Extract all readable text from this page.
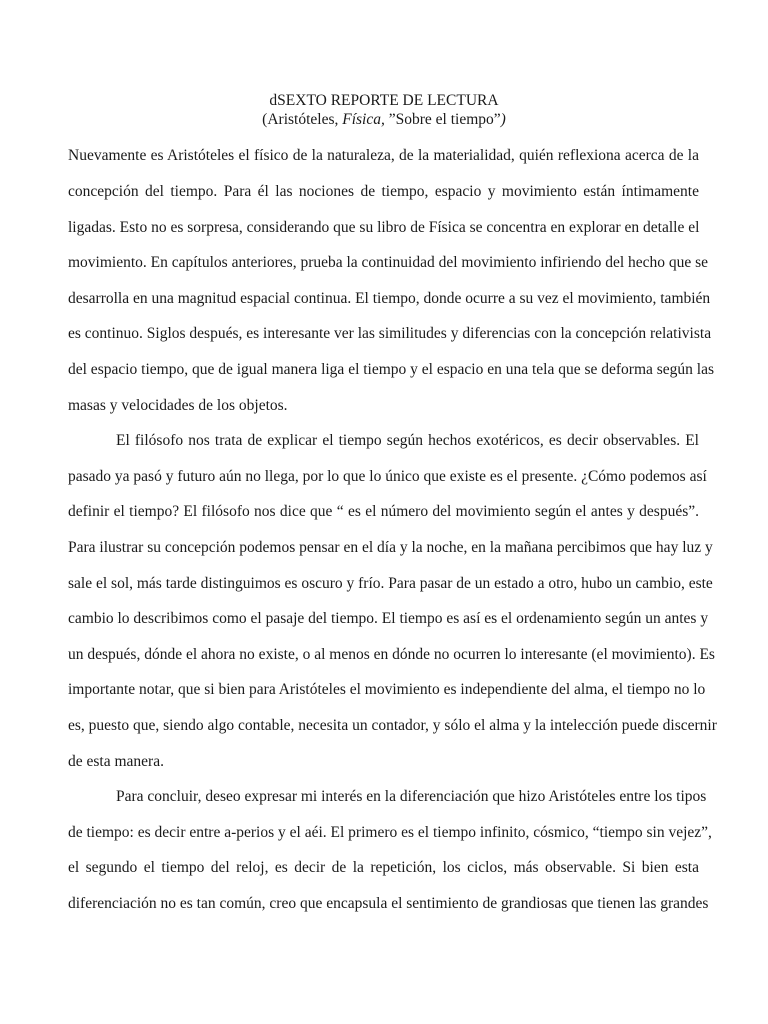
dSEXTO REPORTE DE LECTURA
(Aristóteles, Física, ”Sobre el tiempo”)
Nuevamente es Aristóteles el físico de la naturaleza, de la materialidad, quién reflexiona acerca de la
concepción del tiempo. Para él las nociones de tiempo, espacio y movimiento están íntimamente
ligadas. Esto no es sorpresa, considerando que su libro de Física se concentra en explorar en detalle el
movimiento. En capítulos anteriores, prueba la continuidad del movimiento infiriendo del hecho que se
desarrolla en una magnitud espacial continua. El tiempo, donde ocurre a su vez el movimiento, también
es continuo. Siglos después, es interesante ver las similitudes y diferencias con la concepción relativista
del espacio tiempo, que de igual manera liga el tiempo y el espacio en una tela que se deforma según las
masas y velocidades de los objetos.
El filósofo nos trata de explicar el tiempo según hechos exotéricos, es decir observables. El
pasado ya pasó y futuro aún no llega, por lo que lo único que existe es el presente. ¿Cómo podemos así
definir el tiempo? El filósofo nos dice que “ es el número del movimiento según el antes y después”.
Para ilustrar su concepción podemos pensar en el día y la noche, en la mañana percibimos que hay luz y
sale el sol, más tarde distinguimos es oscuro y frío. Para pasar de un estado a otro, hubo un cambio, este
cambio lo describimos como el pasaje del tiempo. El tiempo es así es el ordenamiento según un antes y
un después, dónde el ahora no existe, o al menos en dónde no ocurren lo interesante (el movimiento). Es
importante notar, que si bien para Aristóteles el movimiento es independiente del alma, el tiempo no lo
es, puesto que, siendo algo contable, necesita un contador, y sólo el alma y la intelección puede discernir
de esta manera.
Para concluir, deseo expresar mi interés en la diferenciación que hizo Aristóteles entre los tipos
de tiempo: es decir entre a-perios y el aéi. El primero es el tiempo infinito, cósmico, “tiempo sin vejez”,
el segundo el tiempo del reloj, es decir de la repetición, los ciclos, más observable. Si bien esta
diferenciación no es tan común, creo que encapsula el sentimiento de grandiosas que tienen las grandes
